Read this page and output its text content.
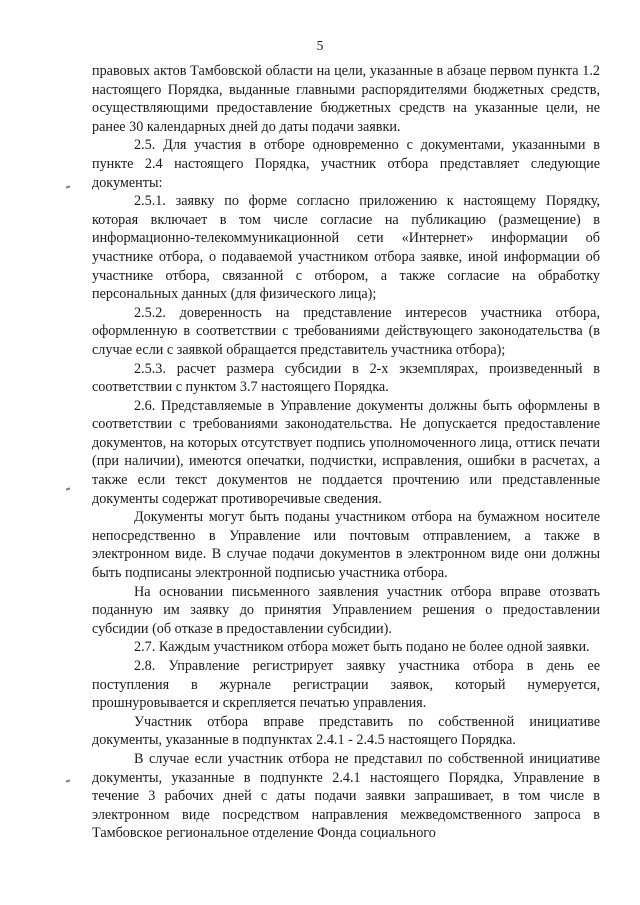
5

правовых актов Тамбовской области на цели, указанные в абзаце первом пункта 1.2 настоящего Порядка, выданные главными распорядителями бюджетных средств, осуществляющими предоставление бюджетных средств на указанные цели, не ранее 30 календарных дней до даты подачи заявки.

2.5. Для участия в отборе одновременно с документами, указанными в пункте 2.4 настоящего Порядка, участник отбора представляет следующие документы:

2.5.1. заявку по форме согласно приложению к настоящему Порядку, которая включает в том числе согласие на публикацию (размещение) в информационно-телекоммуникационной сети «Интернет» информации об участнике отбора, о подаваемой участником отбора заявке, иной информации об участнике отбора, связанной с отбором, а также согласие на обработку персональных данных (для физического лица);

2.5.2. доверенность на представление интересов участника отбора, оформленную в соответствии с требованиями действующего законодательства (в случае если с заявкой обращается представитель участника отбора);

2.5.3. расчет размера субсидии в 2-х экземплярах, произведенный в соответствии с пунктом 3.7 настоящего Порядка.

2.6. Представляемые в Управление документы должны быть оформлены в соответствии с требованиями законодательства. Не допускается предоставление документов, на которых отсутствует подпись уполномоченного лица, оттиск печати (при наличии), имеются опечатки, подчистки, исправления, ошибки в расчетах, а также если текст документов не поддается прочтению или представленные документы содержат противоречивые сведения.

Документы могут быть поданы участником отбора на бумажном носителе непосредственно в Управление или почтовым отправлением, а также в электронном виде. В случае подачи документов в электронном виде они должны быть подписаны электронной подписью участника отбора.

На основании письменного заявления участник отбора вправе отозвать поданную им заявку до принятия Управлением решения о предоставлении субсидии (об отказе в предоставлении субсидии).

2.7. Каждым участником отбора может быть подано не более одной заявки.

2.8. Управление регистрирует заявку участника отбора в день ее поступления в журнале регистрации заявок, который нумеруется, прошнуровывается и скрепляется печатью управления.

Участник отбора вправе представить по собственной инициативе документы, указанные в подпунктах 2.4.1 - 2.4.5 настоящего Порядка.

В случае если участник отбора не представил по собственной инициативе документы, указанные в подпункте 2.4.1 настоящего Порядка, Управление в течение 3 рабочих дней с даты подачи заявки запрашивает, в том числе в электронном виде посредством направления межведомственного запроса в Тамбовское региональное отделение Фонда социального
